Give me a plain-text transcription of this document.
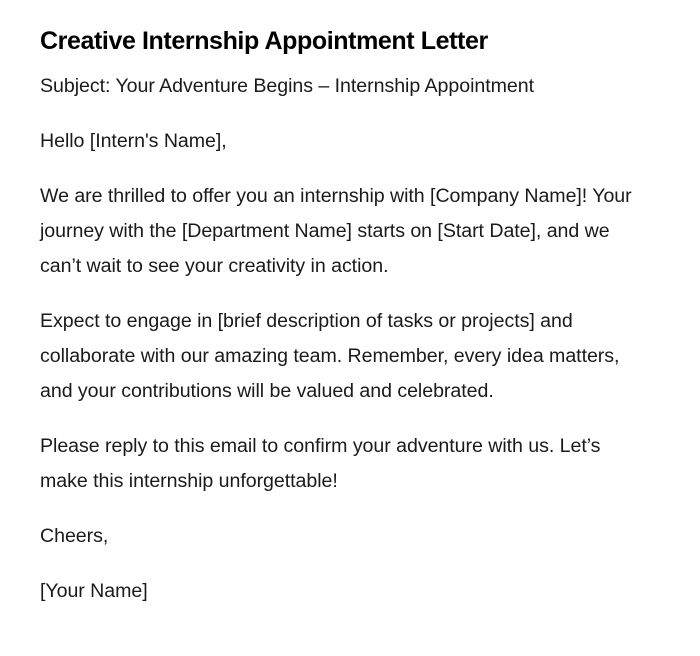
Creative Internship Appointment Letter

Subject: Your Adventure Begins – Internship Appointment

Hello [Intern's Name],

We are thrilled to offer you an internship with [Company Name]! Your journey with the [Department Name] starts on [Start Date], and we can’t wait to see your creativity in action.

Expect to engage in [brief description of tasks or projects] and collaborate with our amazing team. Remember, every idea matters, and your contributions will be valued and celebrated.

Please reply to this email to confirm your adventure with us. Let’s make this internship unforgettable!

Cheers,

[Your Name]
